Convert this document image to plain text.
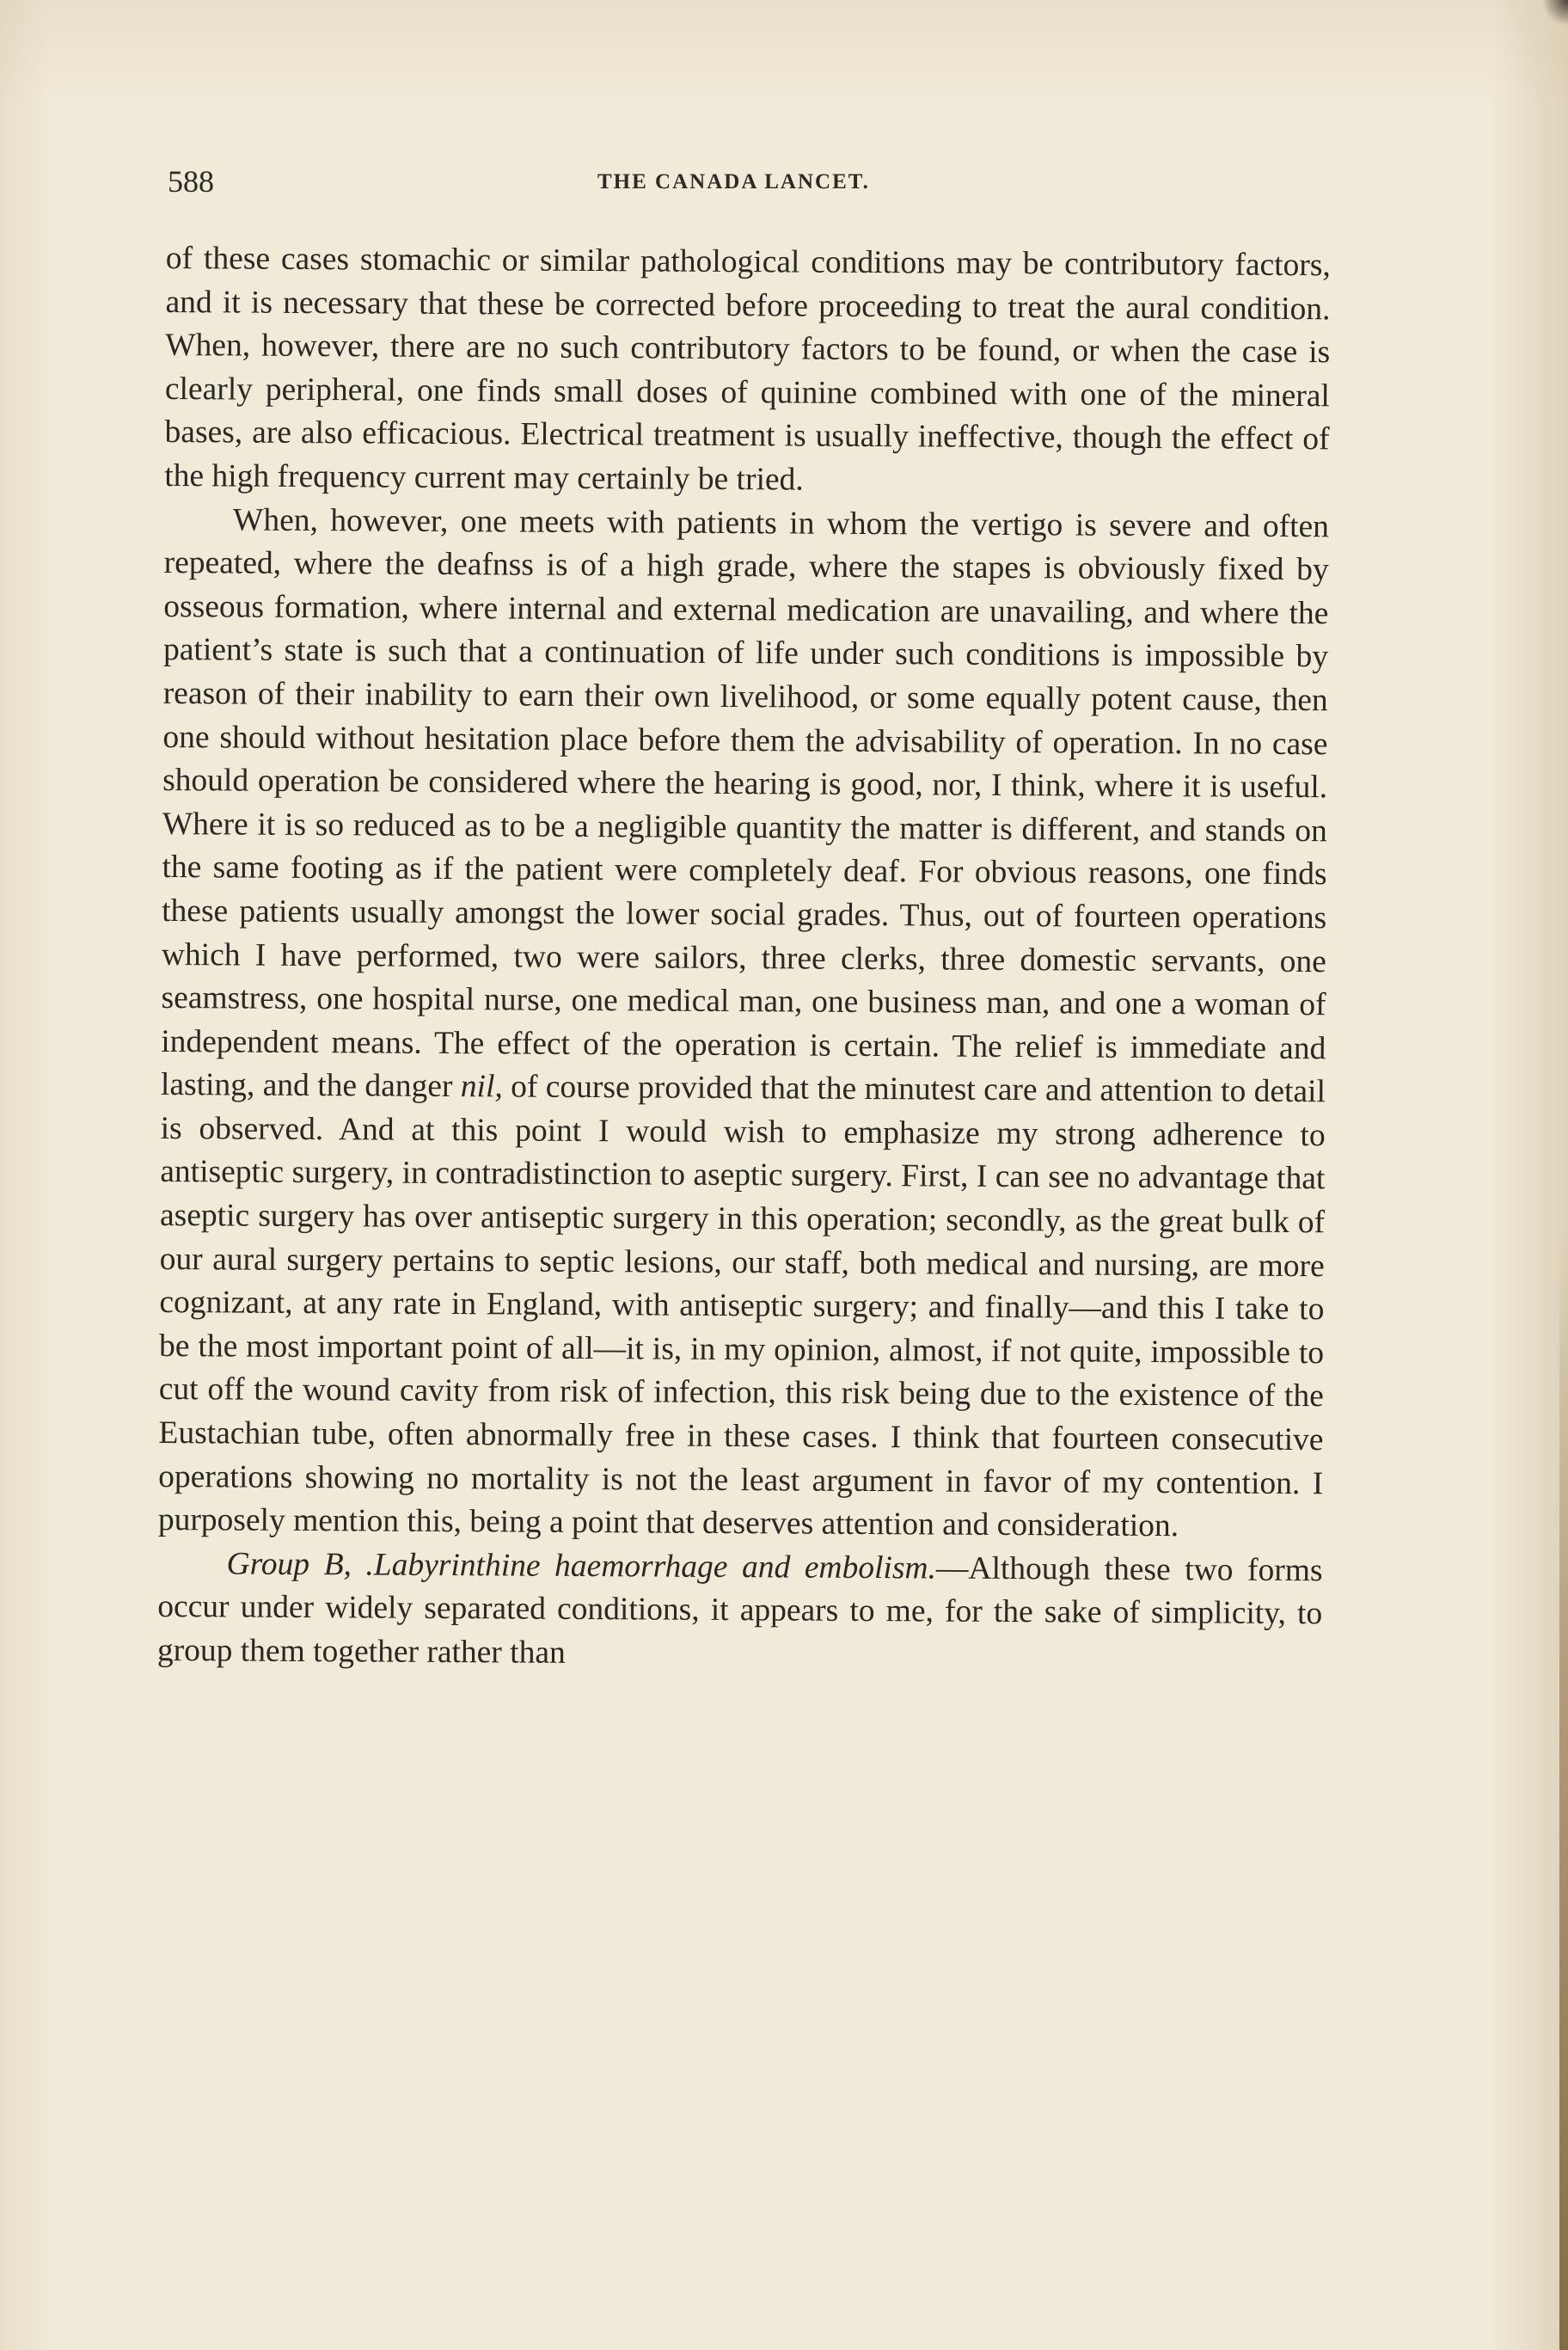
588	THE CANADA LANCET.

of these cases stomachic or similar pathological conditions may be contributory factors, and it is necessary that these be corrected before proceeding to treat the aural condition. When, however, there are no such contributory factors to be found, or when the case is clearly peripheral, one finds small doses of quinine combined with one of the mineral bases, are also efficacious. Electrical treatment is usually ineffective, though the effect of the high frequency current may certainly be tried.

When, however, one meets with patients in whom the vertigo is severe and often repeated, where the deafnss is of a high grade, where the stapes is obviously fixed by osseous formation, where internal and external medication are unavailing, and where the patient’s state is such that a continuation of life under such conditions is impossible by reason of their inability to earn their own livelihood, or some equally potent cause, then one should without hesitation place before them the advisability of operation. In no case should operation be considered where the hearing is good, nor, I think, where it is useful. Where it is so reduced as to be a negligible quantity the matter is different, and stands on the same footing as if the patient were completely deaf. For obvious reasons, one finds these patients usually amongst the lower social grades. Thus, out of fourteen operations which I have performed, two were sailors, three clerks, three domestic servants, one seamstress, one hospital nurse, one medical man, one business man, and one a woman of independent means. The effect of the operation is certain. The relief is immediate and lasting, and the danger nil, of course provided that the minutest care and attention to detail is observed. And at this point I would wish to emphasize my strong adherence to antiseptic surgery, in contradistinction to aseptic surgery. First, I can see no advantage that aseptic surgery has over antiseptic surgery in this operation; secondly, as the great bulk of our aural surgery pertains to septic lesions, our staff, both medical and nursing, are more cognizant, at any rate in England, with antiseptic surgery; and finally—and this I take to be the most important point of all—it is, in my opinion, almost, if not quite, impossible to cut off the wound cavity from risk of infection, this risk being due to the existence of the Eustachian tube, often abnormally free in these cases. I think that fourteen consecutive operations showing no mortality is not the least argument in favor of my contention. I purposely mention this, being a point that deserves attention and consideration.

Group B, .Labyrinthine haemorrhage and embolism.—Although these two forms occur under widely separated conditions, it appears to me, for the sake of simplicity, to group them together rather than
